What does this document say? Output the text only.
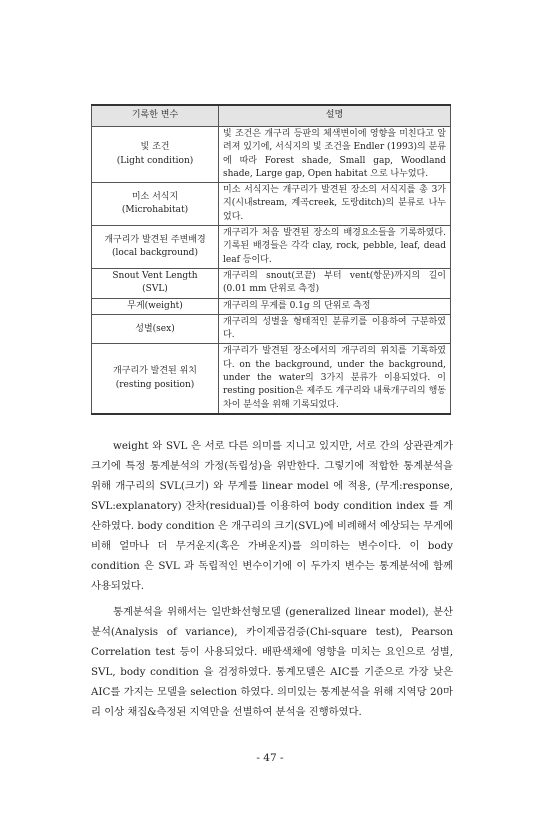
기록한 변수	설명
빛 조건
(Light condition)	빛 조건은 개구리 등판의 체색변이에 영향을 미친다고 알려져 있기에, 서식지의 빛 조건을 Endler (1993)의 분류에 따라 Forest shade, Small gap, Woodland shade, Large gap, Open habitat 으로 나누었다.
미소 서식지
(Microhabitat)	미소 서식지는 개구리가 발견된 장소의 서식지를 총 3가지(시내stream, 계곡creek, 도랑ditch)의 분류로 나누었다.
개구리가 발견된 주변배경
(local background)	개구리가 처음 발견된 장소의 배경요소들을 기록하였다. 기록된 배경들은 각각 clay, rock, pebble, leaf, dead leaf 등이다.
Snout Vent Length
(SVL)	개구리의 snout(코끝) 부터 vent(항문)까지의 길이 (0.01 mm 단위로 측정)
무게(weight)	개구리의 무게를 0.1g 의 단위로 측정
성별(sex)	개구리의 성별을 형태적인 분류키를 이용하여 구분하였다.
개구리가 발견된 위치
(resting position)	개구리가 발견된 장소에서의 개구리의 위치를 기록하였다. on the background, under the background, under the water의 3가지 분류가 이용되었다. 이 resting position은 제주도 개구리와 내륙개구리의 행동차이 분석을 위해 기록되었다.

weight 와 SVL 은 서로 다른 의미를 지니고 있지만, 서로 간의 상관관계가 크기에 특정 통계분석의 가정(독립성)을 위반한다. 그렇기에 적합한 통계분석을 위해 개구리의 SVL(크기) 와 무게를 linear model 에 적용, (무게:response, SVL:explanatory) 잔차(residual)를 이용하여 body condition index 를 계산하였다. body condition 은 개구리의 크기(SVL)에 비례해서 예상되는 무게에 비해 얼마나 더 무거운지(혹은 가벼운지)를 의미하는 변수이다. 이 body condition 은 SVL 과 독립적인 변수이기에 이 두가지 변수는 통계분석에 함께 사용되었다.

통계분석을 위해서는 일반화선형모델 (generalized linear model), 분산분석(Analysis of variance), 카이제곱검증(Chi-square test), Pearson Correlation test 등이 사용되었다. 배판색채에 영향을 미치는 요인으로 성별, SVL, body condition 을 검정하였다. 통계모델은 AIC를 기준으로 가장 낮은 AIC를 가지는 모델을 selection 하였다. 의미있는 통계분석을 위해 지역당 20마리 이상 채집&측정된 지역만을 선별하여 분석을 진행하였다.

- 47 -
